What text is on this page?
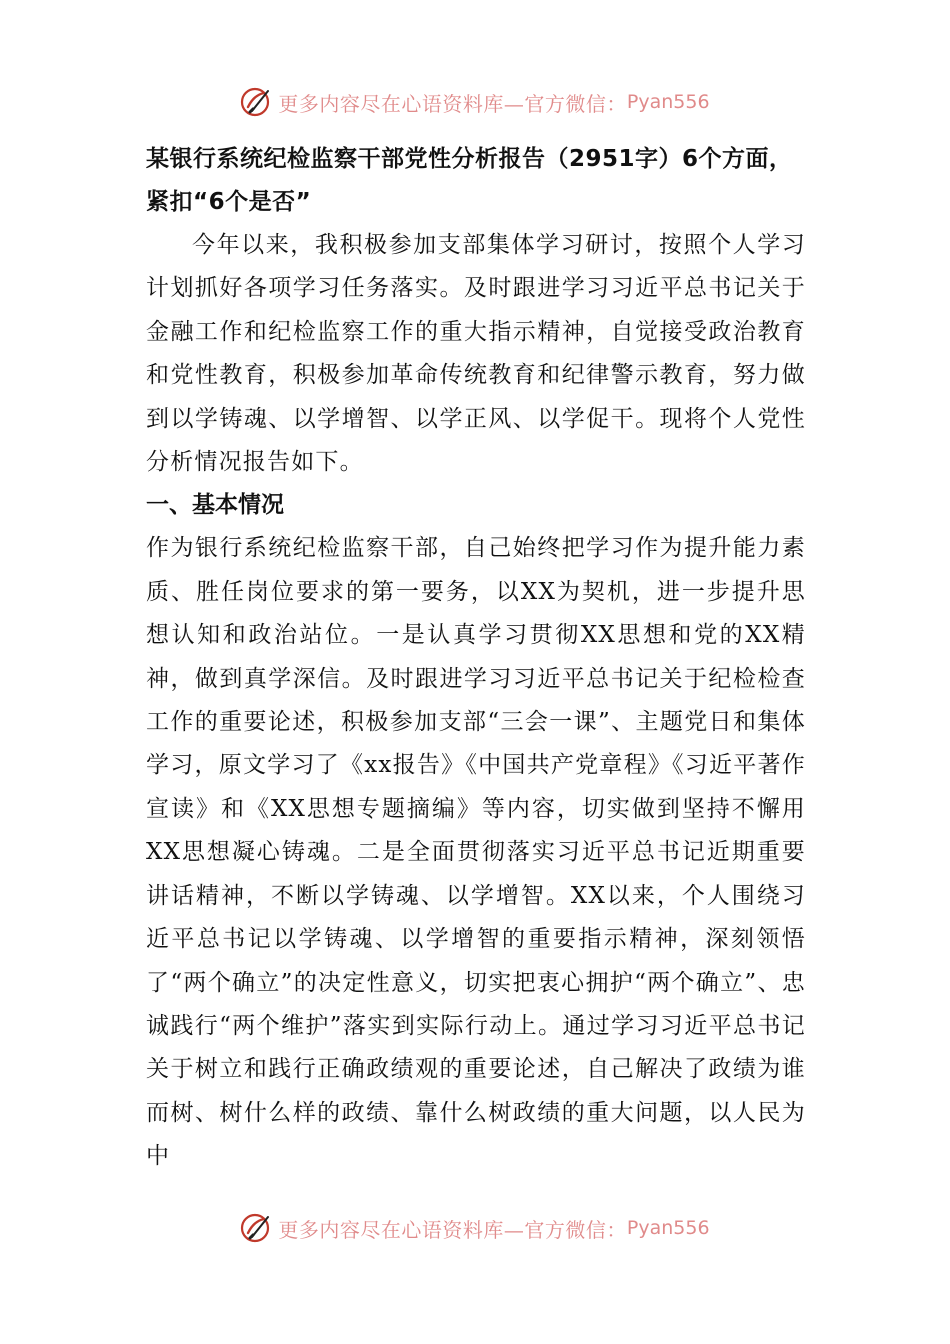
更多内容尽在心语资料库—官方微信： Pyan556

某银行系统纪检监察干部党性分析报告（2951字）6个方面，紧扣“6个是否”

今年以来，我积极参加支部集体学习研讨，按照个人学习计划抓好各项学习任务落实。及时跟进学习习近平总书记关于金融工作和纪检监察工作的重大指示精神，自觉接受政治教育和党性教育，积极参加革命传统教育和纪律警示教育，努力做到以学铸魂、以学增智、以学正风、以学促干。现将个人党性分析情况报告如下。

一、基本情况

作为银行系统纪检监察干部，自己始终把学习作为提升能力素质、胜任岗位要求的第一要务，以XX为契机，进一步提升思想认知和政治站位。一是认真学习贯彻XX思想和党的XX精神，做到真学深信。及时跟进学习习近平总书记关于纪检检查工作的重要论述，积极参加支部“三会一课”、主题党日和集体学习，原文学习了《xx报告》《中国共产党章程》《习近平著作宣读》和《XX思想专题摘编》等内容，切实做到坚持不懈用XX思想凝心铸魂。二是全面贯彻落实习近平总书记近期重要讲话精神，不断以学铸魂、以学增智。XX以来，个人围绕习近平总书记以学铸魂、以学增智的重要指示精神，深刻领悟了“两个确立”的决定性意义，切实把衷心拥护“两个确立”、忠诚践行“两个维护”落实到实际行动上。通过学习习近平总书记关于树立和践行正确政绩观的重要论述，自己解决了政绩为谁而树、树什么样的政绩、靠什么树政绩的重大问题，以人民为中

更多内容尽在心语资料库—官方微信： Pyan556
